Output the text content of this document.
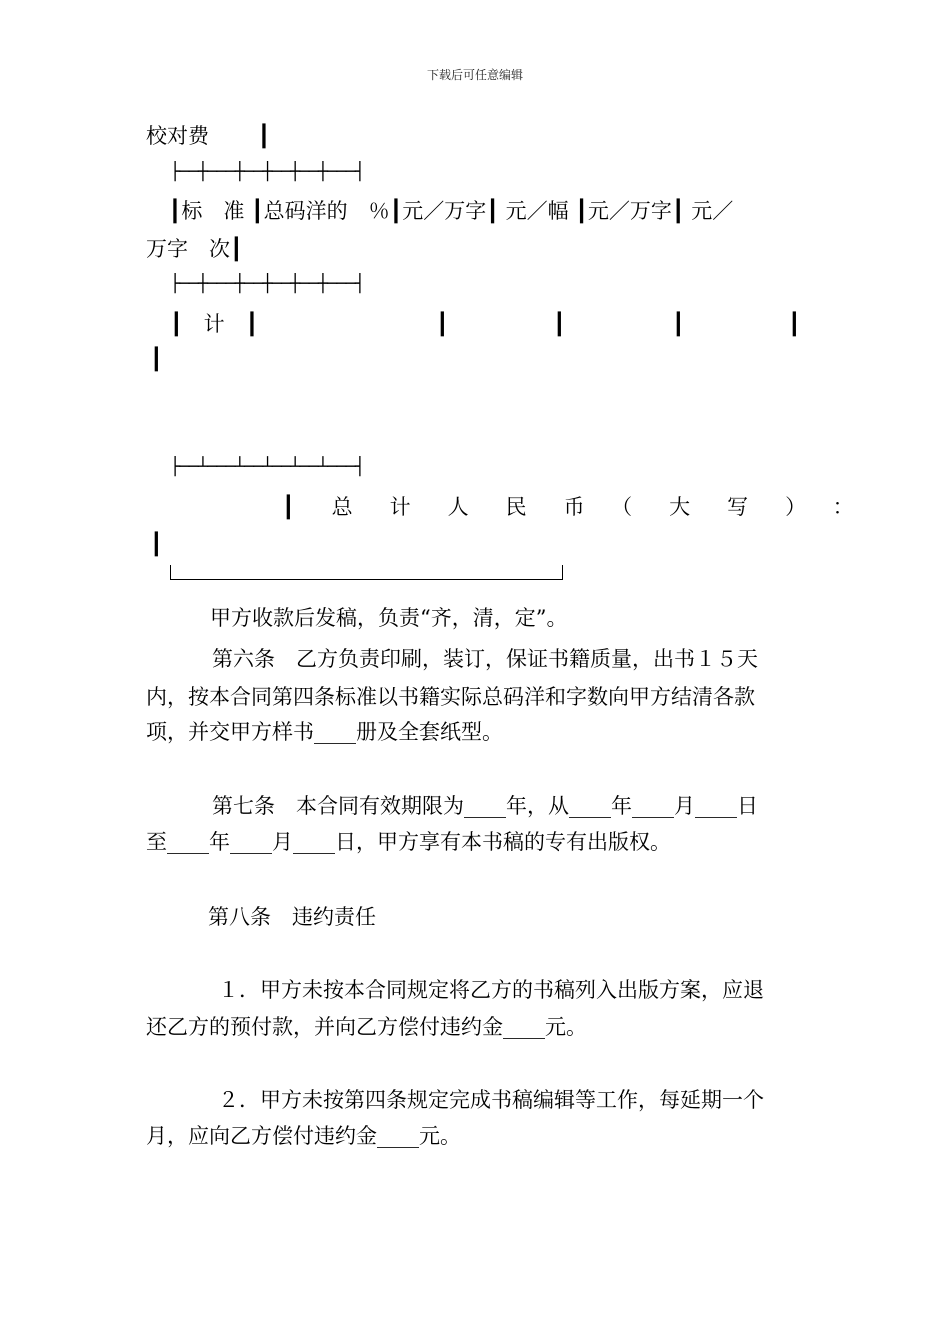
下载后可任意编辑
校对费　　 ┃
├──┼───┼──┼──┼──┼───┤
┃标　准 ┃总码洋的　％┃元／万字┃ 元／幅 ┃元／万字┃ 元／
万字　次┃
├──┼───┼──┼──┼──┼───┤
┃　计　┃	┃	┃	┃	┃
┃
├──┴───┴──┴──┴──┴───┤
┃　总　计　人　民　币　（　大　写　）　：
┃
甲方收款后发稿，负责“齐，清，定”。
第六条　乙方负责印刷，装订，保证书籍质量，出书１５天
内，按本合同第四条标准以书籍实际总码洋和字数向甲方结清各款
项，并交甲方样书____册及全套纸型。
第七条　本合同有效期限为____年，从____年____月____日
至____年____月____日，甲方享有本书稿的专有出版权。
第八条　违约责任
１．甲方未按本合同规定将乙方的书稿列入出版方案，应退
还乙方的预付款，并向乙方偿付违约金____元。
２．甲方未按第四条规定完成书稿编辑等工作，每延期一个
月，应向乙方偿付违约金____元。
